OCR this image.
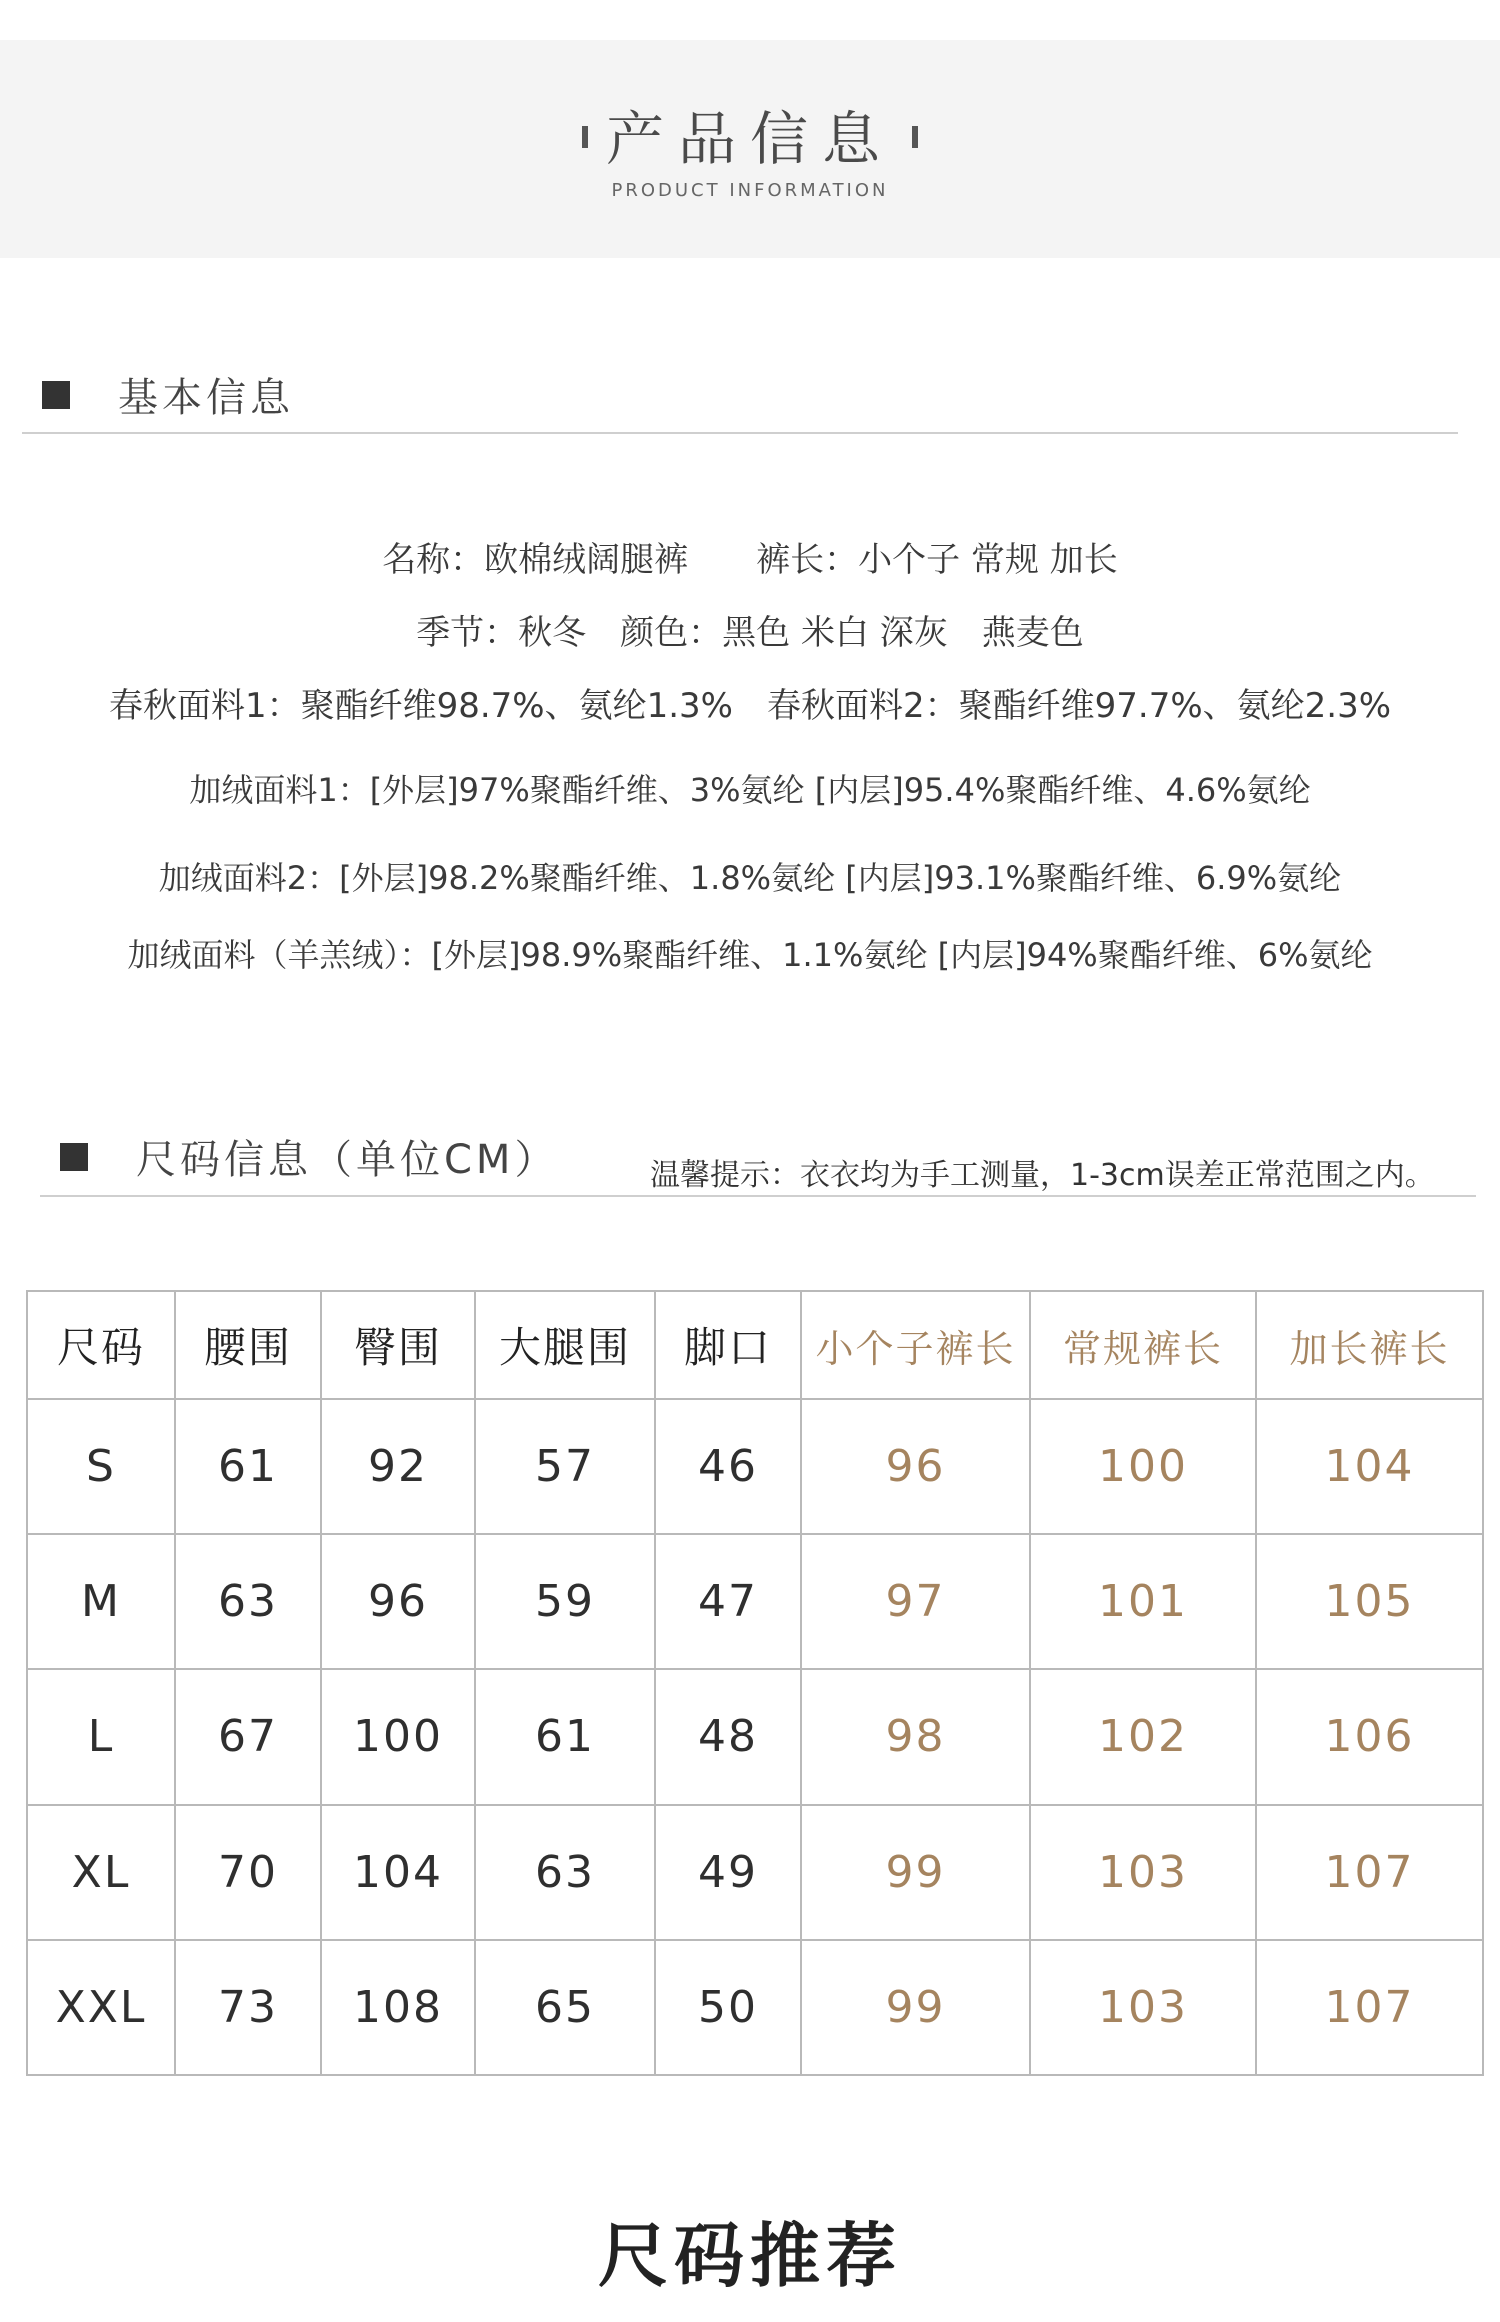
产品信息
PRODUCT INFORMATION
基本信息
名称：欧棉绒阔腿裤　　裤长：小个子 常规 加长
季节：秋冬　颜色：黑色 米白 深灰　燕麦色
春秋面料1：聚酯纤维98.7%、氨纶1.3%　春秋面料2：聚酯纤维97.7%、氨纶2.3%
加绒面料1：[外层]97%聚酯纤维、3%氨纶 [内层]95.4%聚酯纤维、4.6%氨纶
加绒面料2：[外层]98.2%聚酯纤维、1.8%氨纶 [内层]93.1%聚酯纤维、6.9%氨纶
加绒面料（羊羔绒）：[外层]98.9%聚酯纤维、1.1%氨纶 [内层]94%聚酯纤维、6%氨纶
尺码信息（单位CM）	温馨提示：衣衣均为手工测量，1-3cm误差正常范围之内。
尺码	腰围	臀围	大腿围	脚口	小个子裤长	常规裤长	加长裤长
S	61	92	57	46	96	100	104
M	63	96	59	47	97	101	105
L	67	100	61	48	98	102	106
XL	70	104	63	49	99	103	107
XXL	73	108	65	50	99	103	107
尺码推荐
